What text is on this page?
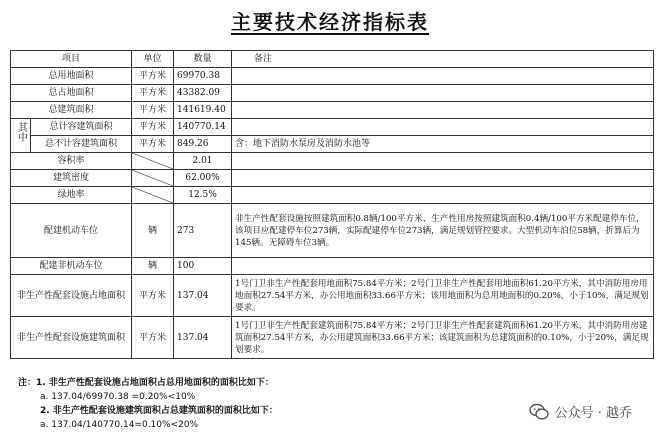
主要技术经济指标表
项目		单位	数量	备注
总用地面积		平方米	69970.38	
总占地面积		平方米	43382.09	
总建筑面积		平方米	141619.40	
其中	总计容建筑面积	平方米	140770.14	
	总不计容建筑面积	平方米	849.26	含：地下消防水泵房及消防水池等
容积率			2.01	
建筑密度			62.00%	
绿地率			12.5%	
配建机动车位		辆	273	非生产性配套设施按照建筑面积0.8辆/100平方米、生产性用房按照建筑面积0.4辆/100平方米配建停车位，该项目应配建停车位273辆，实际配建停车位273辆，满足规划管控要求。大型机动车泊位58辆，折算后为145辆。无障碍车位3辆。
配建非机动车位		辆	100	
非生产性配套设施占地面积		平方米	137.04	1号门卫非生产性配套用地面积75.84平方米；2号门卫非生产性配套用地面积61.20平方米，其中消防用房用地面积27.54平方米，办公用地面积33.66平方米；该用地面积为总用地面积的0.20%，小于10%，满足规划要求。
非生产性配套设施建筑面积		平方米	137.04	1号门卫非生产性配套建筑面积75.84平方米；2号门卫非生产性配套建筑面积61.20平方米，其中消防用房建筑面积27.54平方米，办公用建筑面积33.66平方米；该建筑面积为总建筑面积的0.10%，小于20%，满足规划要求。
注：1. 非生产性配套设施占地面积占总用地面积的面积比如下：
a. 137.04/69970.38 =0.20%<10%
2. 非生产性配套设施建筑面积占总建筑面积的面积比如下：
a. 137.04/140770.14=0.10%<20%
公众号 · 越乔
